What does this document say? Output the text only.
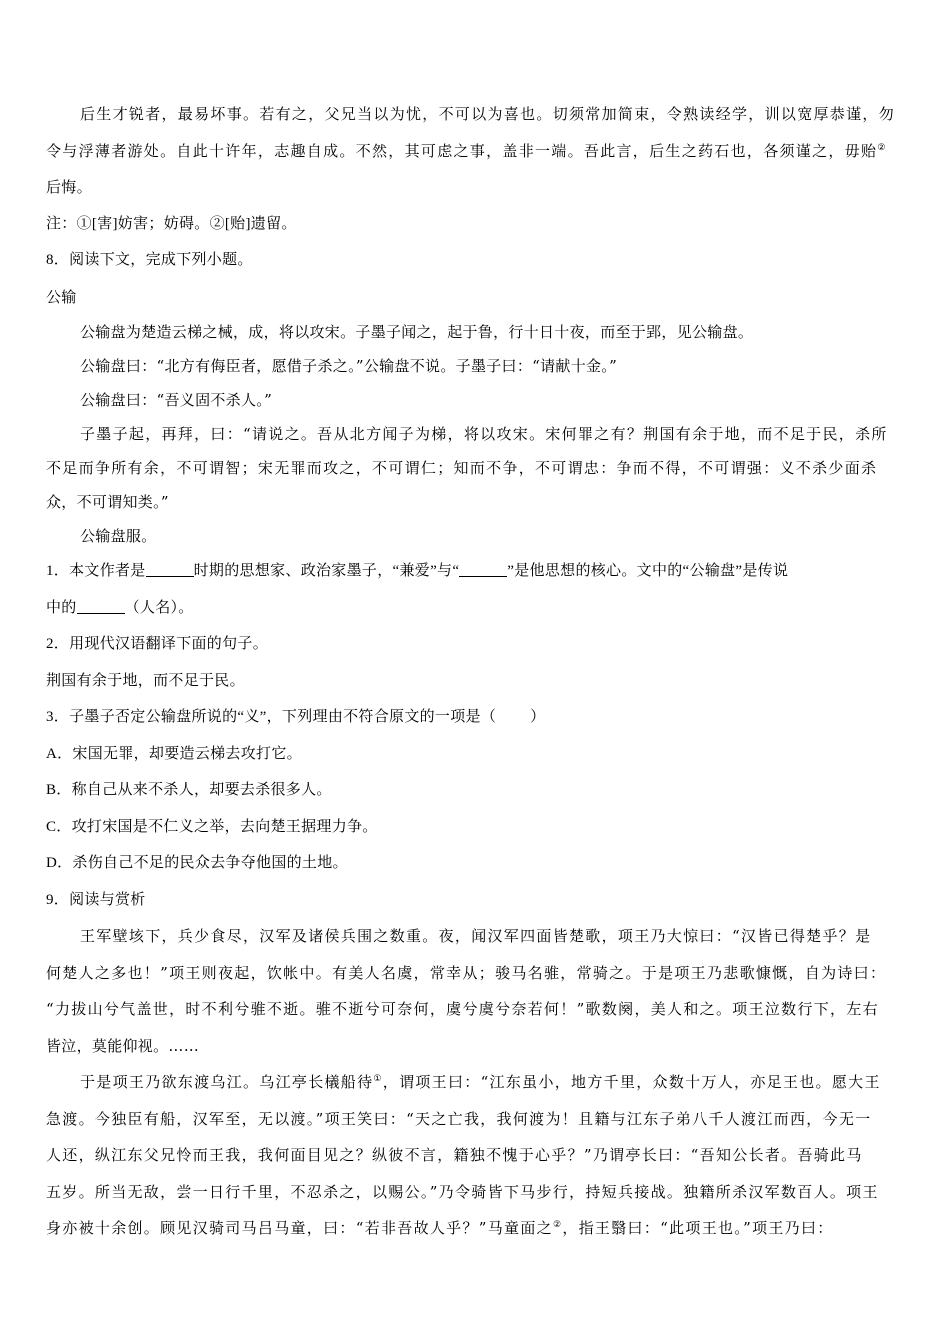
后生才锐者，最易坏事。若有之，父兄当以为忧，不可以为喜也。切须常加简束，令熟读经学，训以宽厚恭谨，勿

令与浮薄者游处。自此十许年，志趣自成。不然，其可虑之事，盖非一端。吾此言，后生之药石也，各须谨之，毋贻②

后悔。

注：①[害]妨害；妨碍。②[贻]遗留。

8．阅读下文，完成下列小题。

公输

公输盘为楚造云梯之械，成，将以攻宋。子墨子闻之，起于鲁，行十日十夜，而至于郢，见公输盘。

公输盘曰：“北方有侮臣者，愿借子杀之。”公输盘不说。子墨子曰：“请献十金。”

公输盘曰：“吾义固不杀人。”

子墨子起，再拜，曰：“请说之。吾从北方闻子为梯，将以攻宋。宋何罪之有？荆国有余于地，而不足于民，杀所

不足而争所有余，不可谓智；宋无罪而攻之，不可谓仁；知而不争，不可谓忠：争而不得，不可谓强：义不杀少面杀

众，不可谓知类。”

公输盘服。

1．本文作者是	时期的思想家、政治家墨子，“兼爱”与“	”是他思想的核心。文中的“公输盘”是传说

中的	（人名）。

2．用现代汉语翻译下面的句子。

荆国有余于地，而不足于民。

3．子墨子否定公输盘所说的“义”，下列理由不符合原文的一项是（ ）

A．宋国无罪，却要造云梯去攻打它。

B．称自己从来不杀人，却要去杀很多人。

C．攻打宋国是不仁义之举，去向楚王据理力争。

D．杀伤自己不足的民众去争夺他国的土地。

9．阅读与赏析

王军壁垓下，兵少食尽，汉军及诸侯兵围之数重。夜，闻汉军四面皆楚歌，项王乃大惊曰：“汉皆已得楚乎？是

何楚人之多也！”项王则夜起，饮帐中。有美人名虞，常幸从；骏马名骓，常骑之。于是项王乃悲歌慷慨，自为诗曰：

“力拔山兮气盖世，时不利兮骓不逝。骓不逝兮可奈何，虞兮虞兮奈若何！”歌数阕，美人和之。项王泣数行下，左右

皆泣，莫能仰视。……

于是项王乃欲东渡乌江。乌江亭长檥船待①，谓项王曰：“江东虽小，地方千里，众数十万人，亦足王也。愿大王

急渡。今独臣有船，汉军至，无以渡。”项王笑曰：“天之亡我，我何渡为！且籍与江东子弟八千人渡江而西，今无一

人还，纵江东父兄怜而王我，我何面目见之？纵彼不言，籍独不愧于心乎？”乃谓亭长曰：“吾知公长者。吾骑此马

五岁。所当无敌，尝一日行千里，不忍杀之，以赐公。”乃令骑皆下马步行，持短兵接战。独籍所杀汉军数百人。项王

身亦被十余创。顾见汉骑司马吕马童，曰：“若非吾故人乎？”马童面之②，指王翳曰：“此项王也。”项王乃曰：
